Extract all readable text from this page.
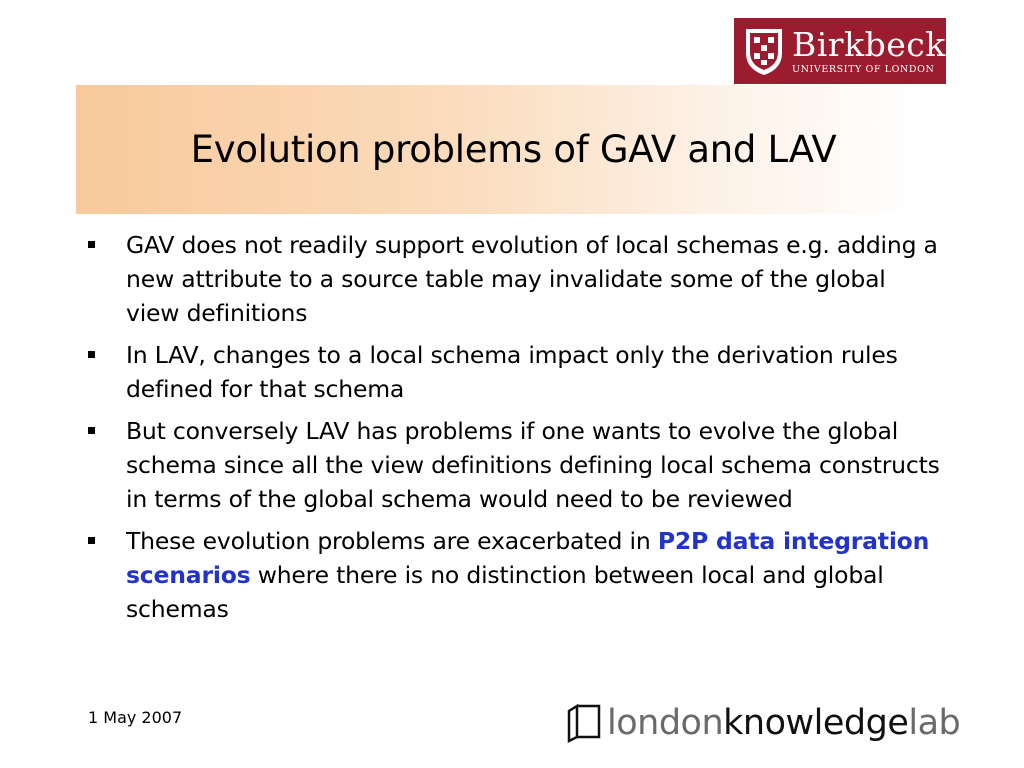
Birkbeck
UNIVERSITY OF LONDON
Evolution problems of GAV and LAV
GAV does not readily support evolution of local schemas e.g. adding a new attribute to a source table may invalidate some of the global view definitions
In LAV, changes to a local schema impact only the derivation rules defined for that schema
But conversely LAV has problems if one wants to evolve the global schema since all the view definitions defining local schema constructs in terms of the global schema would need to be reviewed
These evolution problems are exacerbated in P2P data integration scenarios where there is no distinction between local and global schemas
1 May 2007	london knowledge lab
